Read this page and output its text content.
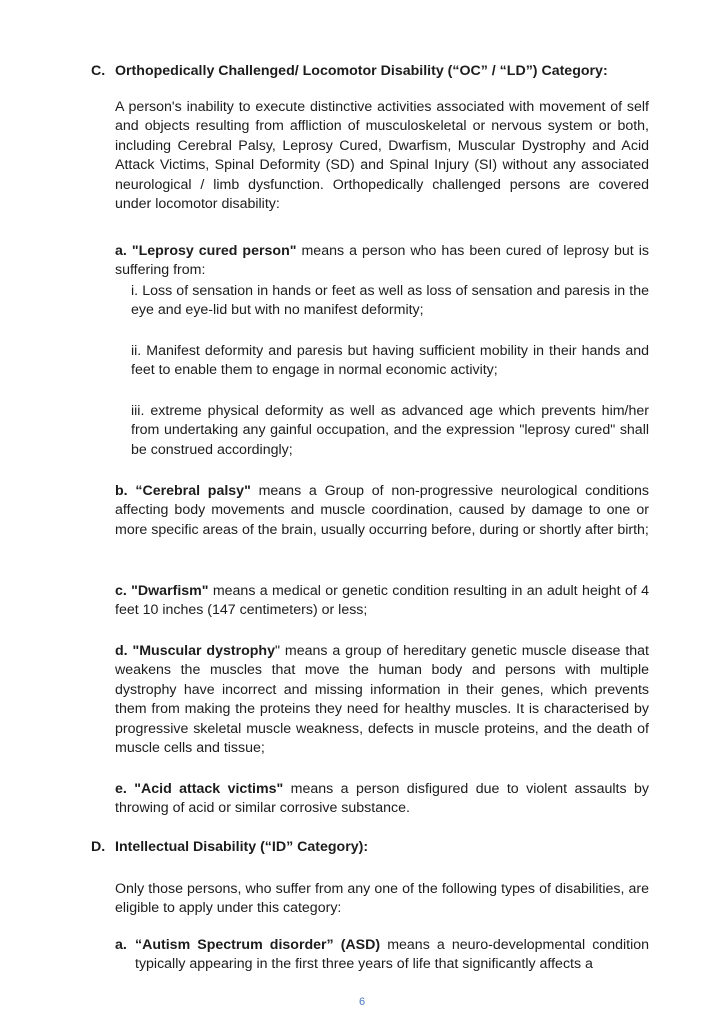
C. Orthopedically Challenged/ Locomotor Disability (“OC” / “LD”) Category:

A person's inability to execute distinctive activities associated with movement of self and objects resulting from affliction of musculoskeletal or nervous system or both, including Cerebral Palsy, Leprosy Cured, Dwarfism, Muscular Dystrophy and Acid Attack Victims, Spinal Deformity (SD) and Spinal Injury (SI) without any associated neurological / limb dysfunction. Orthopedically challenged persons are covered under locomotor disability:

a. "Leprosy cured person" means a person who has been cured of leprosy but is suffering from:

i. Loss of sensation in hands or feet as well as loss of sensation and paresis in the eye and eye-lid but with no manifest deformity;

ii. Manifest deformity and paresis but having sufficient mobility in their hands and feet to enable them to engage in normal economic activity;

iii. extreme physical deformity as well as advanced age which prevents him/her from undertaking any gainful occupation, and the expression "leprosy cured" shall be construed accordingly;

b. “Cerebral palsy" means a Group of non-progressive neurological conditions affecting body movements and muscle coordination, caused by damage to one or more specific areas of the brain, usually occurring before, during or shortly after birth;

c. "Dwarfism" means a medical or genetic condition resulting in an adult height of 4 feet 10 inches (147 centimeters) or less;

d. "Muscular dystrophy" means a group of hereditary genetic muscle disease that weakens the muscles that move the human body and persons with multiple dystrophy have incorrect and missing information in their genes, which prevents them from making the proteins they need for healthy muscles. It is characterised by progressive skeletal muscle weakness, defects in muscle proteins, and the death of muscle cells and tissue;

e. "Acid attack victims" means a person disfigured due to violent assaults by throwing of acid or similar corrosive substance.

D. Intellectual Disability (“ID” Category):

Only those persons, who suffer from any one of the following types of disabilities, are eligible to apply under this category:

a. “Autism Spectrum disorder” (ASD) means a neuro-developmental condition typically appearing in the first three years of life that significantly affects a
6
